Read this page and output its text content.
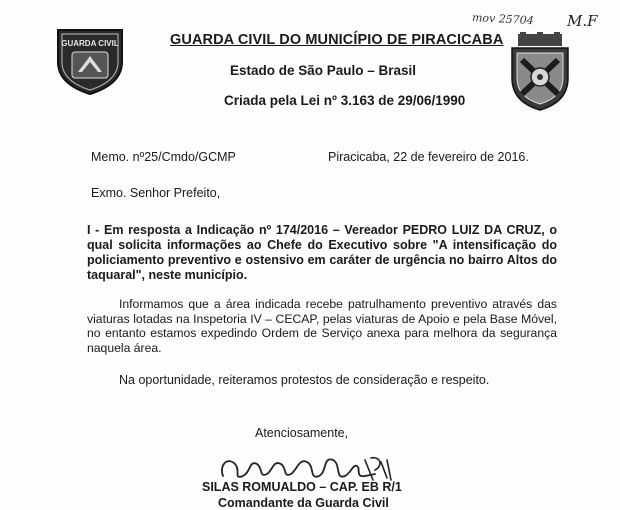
GUARDA CIVIL
mov 25704 M.F
GUARDA CIVIL DO MUNICÍPIO DE PIRACICABA
Estado de São Paulo – Brasil
Criada pela Lei nº 3.163 de 29/06/1990
Memo. nº25/Cmdo/GCMP	Piracicaba, 22 de fevereiro de 2016.
Exmo. Senhor Prefeito,
I - Em resposta a Indicação nº 174/2016 – Vereador PEDRO LUIZ DA CRUZ, o qual solicita informações ao Chefe do Executivo sobre "A intensificação do policiamento preventivo e ostensivo em caráter de urgência no bairro Altos do taquaral", neste município.
Informamos que a área indicada recebe patrulhamento preventivo através das viaturas lotadas na Inspetoria IV – CECAP, pelas viaturas de Apoio e pela Base Móvel, no entanto estamos expedindo Ordem de Serviço anexa para melhora da segurança naquela área.
Na oportunidade, reiteramos protestos de consideração e respeito.
Atenciosamente,
SILAS ROMUALDO – CAP. EB R/1
Comandante da Guarda Civil
